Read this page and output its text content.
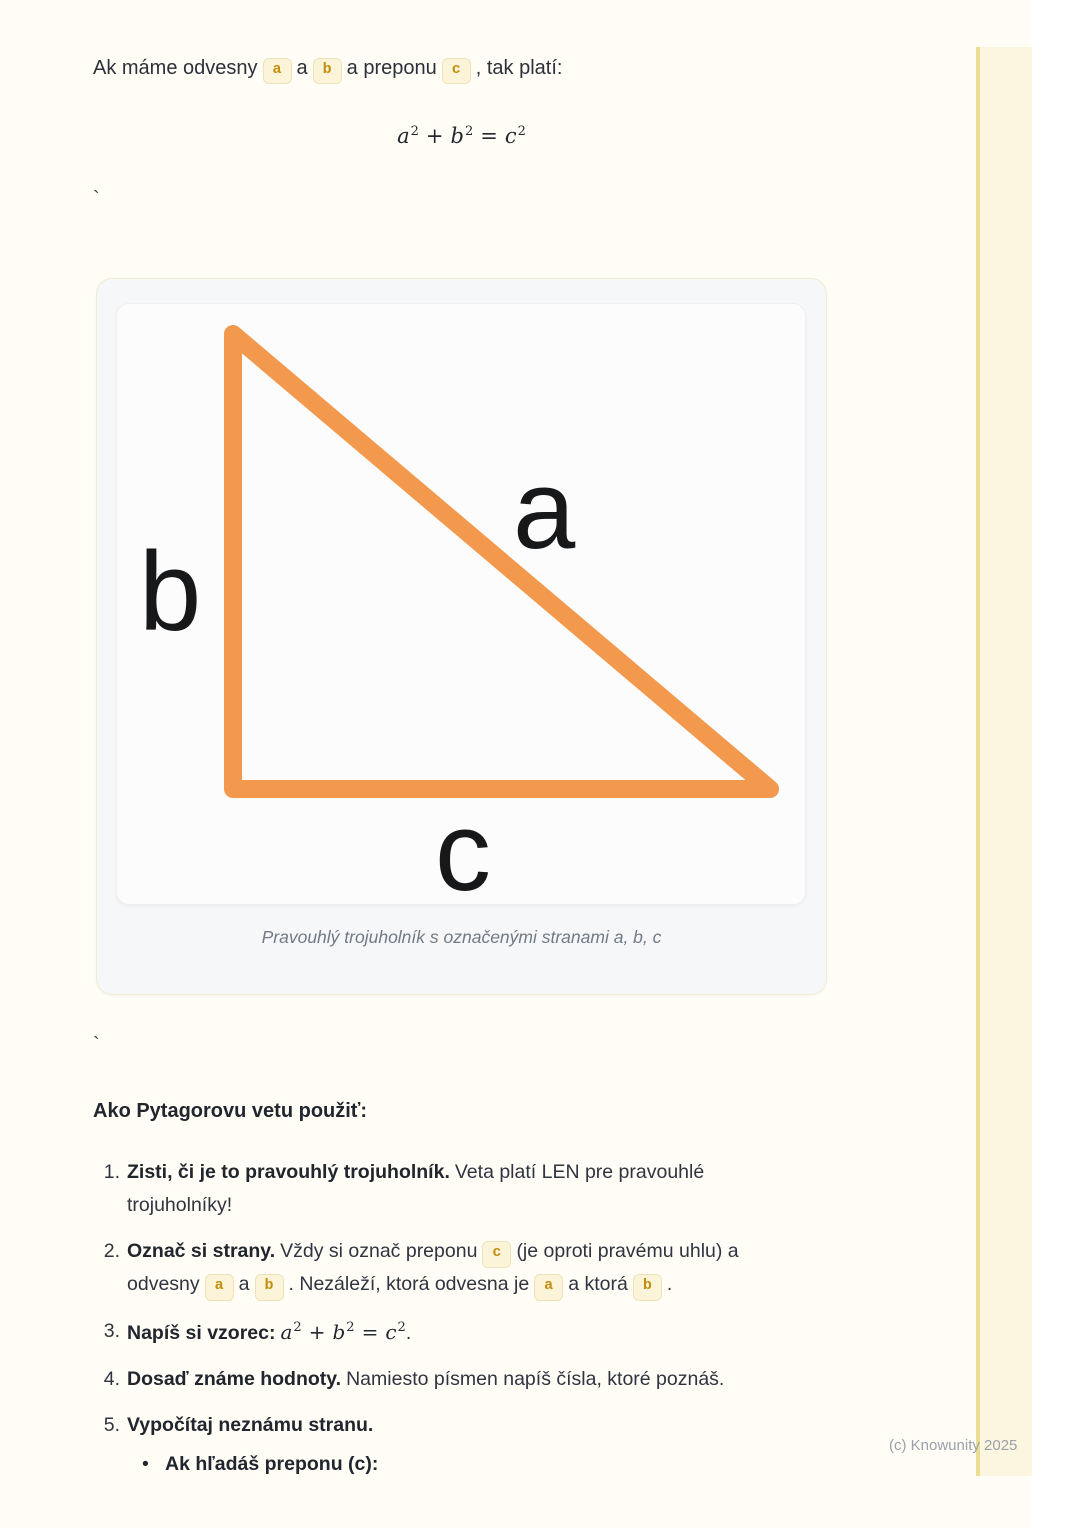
Ak máme odvesny a a b a preponu c , tak platí:

$a^2 + b^2 = c^2$
`
b
a
c
Pravouhlý trojuholník s označenými stranami a, b, c
`
Ako Pytagorovu vetu použiť:
1. Zisti, či je to pravouhlý trojuholník. Veta platí LEN pre pravouhlé trojuholníky!
2. Označ si strany. Vždy si označ preponu c (je oproti pravému uhlu) a odvesny a a b . Nezáleží, ktorá odvesna je a a ktorá b .
3. Napíš si vzorec: $a^2 + b^2 = c^2$.
4. Dosaď známe hodnoty. Namiesto písmen napíš čísla, ktoré poznáš.
5. Vypočítaj neznámu stranu.
• Ak hľadáš preponu (c):
(c) Knowunity 2025
